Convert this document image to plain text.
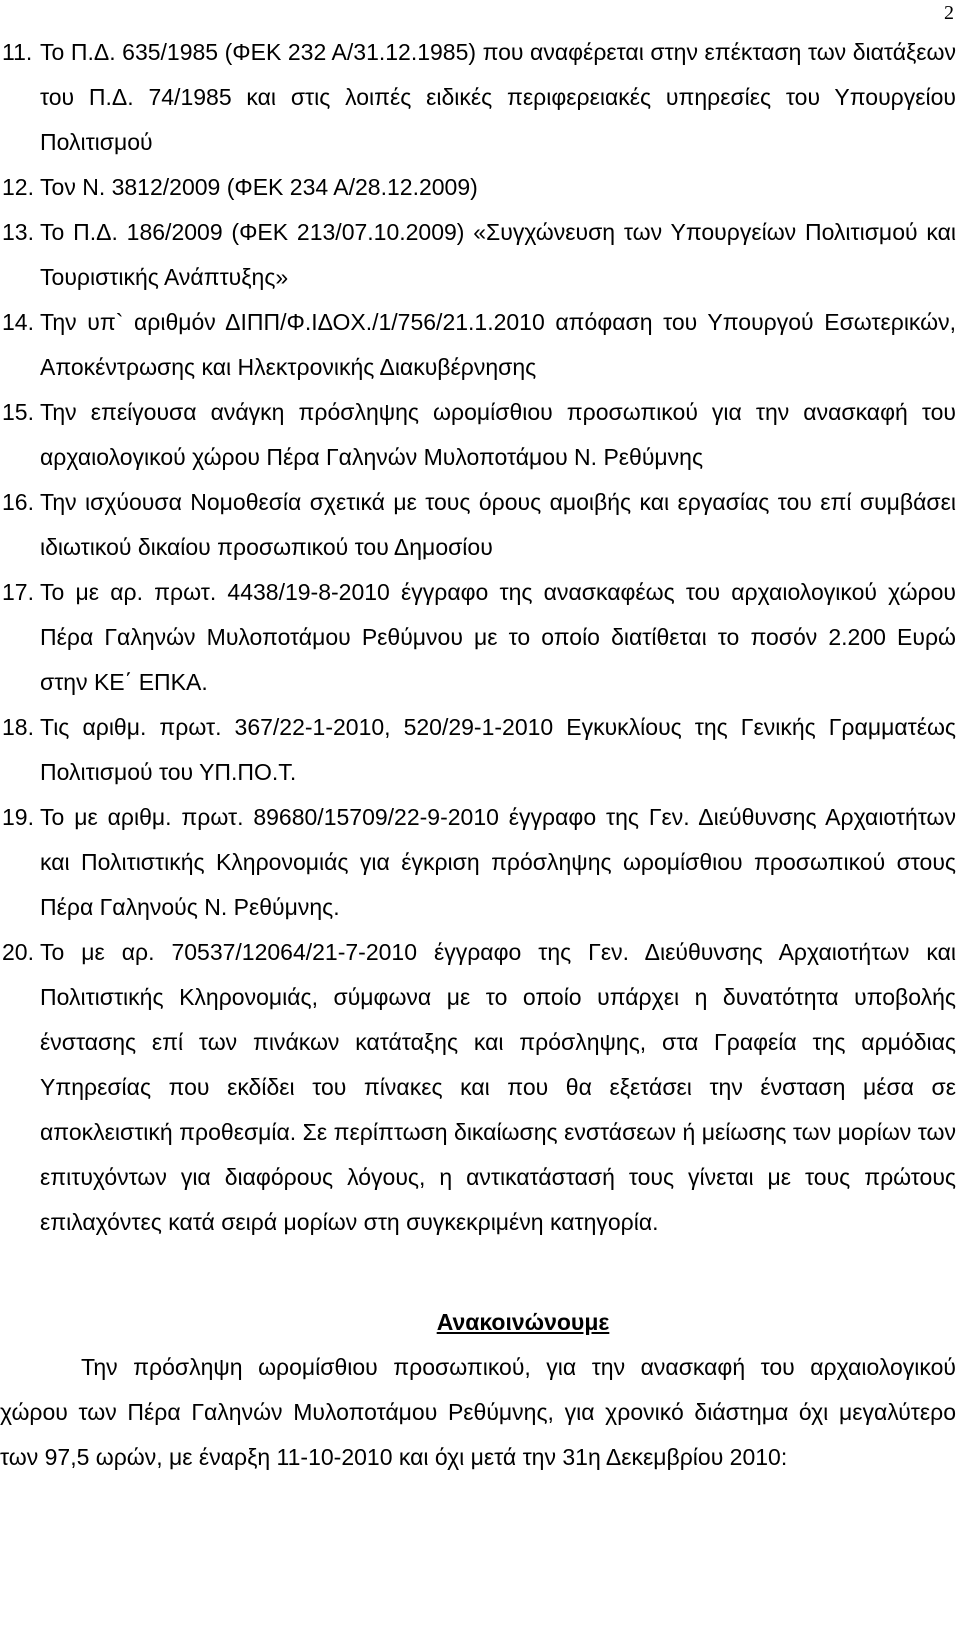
2
11. Το Π.Δ. 635/1985 (ΦΕΚ 232 Α/31.12.1985) που αναφέρεται στην επέκταση των διατάξεων του Π.Δ. 74/1985 και στις λοιπές ειδικές περιφερειακές υπηρεσίες του Υπουργείου Πολιτισμού
12. Τον Ν. 3812/2009 (ΦΕΚ 234 Α/28.12.2009)
13. Το Π.Δ. 186/2009 (ΦΕΚ 213/07.10.2009) «Συγχώνευση των Υπουργείων Πολιτισμού και Τουριστικής Ανάπτυξης»
14. Την υπ` αριθμόν ΔΙΠΠ/Φ.ΙΔΟΧ./1/756/21.1.2010 απόφαση του Υπουργού Εσωτερικών, Αποκέντρωσης και Ηλεκτρονικής Διακυβέρνησης
15. Την επείγουσα ανάγκη πρόσληψης ωρομίσθιου προσωπικού για την ανασκαφή του αρχαιολογικού χώρου Πέρα Γαληνών Μυλοποτάμου Ν. Ρεθύμνης
16. Την ισχύουσα Νομοθεσία σχετικά με τους όρους αμοιβής και εργασίας του επί συμβάσει ιδιωτικού δικαίου προσωπικού του Δημοσίου
17. Το με αρ. πρωτ. 4438/19-8-2010 έγγραφο της ανασκαφέως του αρχαιολογικού χώρου Πέρα Γαληνών Μυλοποτάμου Ρεθύμνου με το οποίο διατίθεται το ποσόν 2.200 Ευρώ στην ΚΕ΄ ΕΠΚΑ.
18. Τις αριθμ. πρωτ. 367/22-1-2010, 520/29-1-2010 Εγκυκλίους της Γενικής Γραμματέως Πολιτισμού του ΥΠ.ΠΟ.Τ.
19. Το με αριθμ. πρωτ. 89680/15709/22-9-2010 έγγραφο της Γεν. Διεύθυνσης Αρχαιοτήτων και Πολιτιστικής Κληρονομιάς για έγκριση πρόσληψης ωρομίσθιου προσωπικού στους Πέρα Γαληνούς Ν. Ρεθύμνης.
20. Το με αρ. 70537/12064/21-7-2010 έγγραφο της Γεν. Διεύθυνσης Αρχαιοτήτων και Πολιτιστικής Κληρονομιάς, σύμφωνα με το οποίο υπάρχει η δυνατότητα υποβολής ένστασης επί των πινάκων κατάταξης και πρόσληψης, στα Γραφεία της αρμόδιας Υπηρεσίας που εκδίδει του πίνακες και που θα εξετάσει την ένσταση μέσα σε αποκλειστική προθεσμία. Σε περίπτωση δικαίωσης ενστάσεων ή μείωσης των μορίων των επιτυχόντων για διαφόρους λόγους, η αντικατάστασή τους γίνεται με τους πρώτους επιλαχόντες κατά σειρά μορίων στη συγκεκριμένη κατηγορία.
Ανακοινώνουμε

Την πρόσληψη ωρομίσθιου προσωπικού, για την ανασκαφή του αρχαιολογικού χώρου των Πέρα Γαληνών Μυλοποτάμου Ρεθύμνης, για χρονικό διάστημα όχι μεγαλύτερο των 97,5 ωρών, με έναρξη 11-10-2010 και όχι μετά την 31η Δεκεμβρίου 2010:
